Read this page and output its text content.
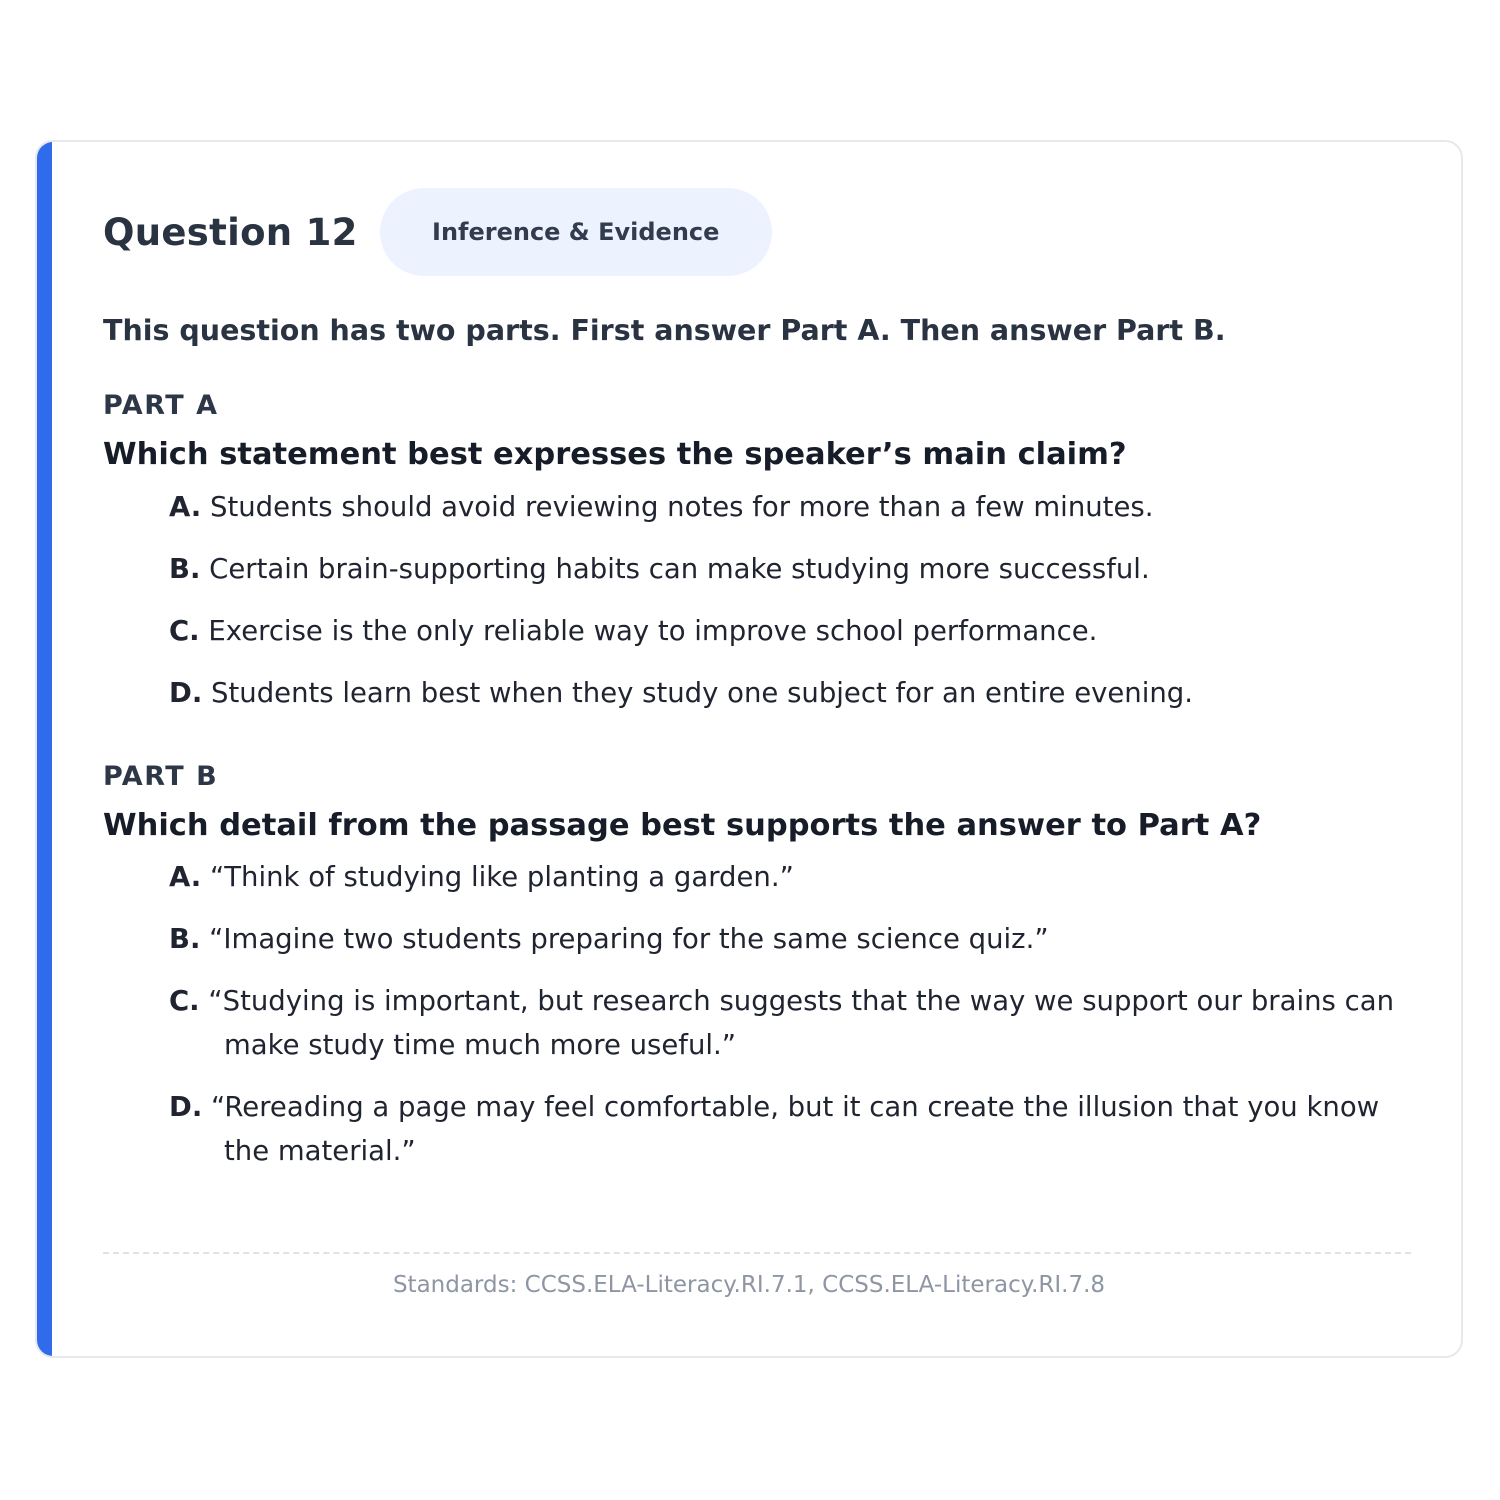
Question 12	Inference & Evidence
This question has two parts. First answer Part A. Then answer Part B.
PART A
Which statement best expresses the speaker’s main claim?
A. Students should avoid reviewing notes for more than a few minutes.
B. Certain brain-supporting habits can make studying more successful.
C. Exercise is the only reliable way to improve school performance.
D. Students learn best when they study one subject for an entire evening.
PART B
Which detail from the passage best supports the answer to Part A?
A. “Think of studying like planting a garden.”
B. “Imagine two students preparing for the same science quiz.”
C. “Studying is important, but research suggests that the way we support our brains can make study time much more useful.”
D. “Rereading a page may feel comfortable, but it can create the illusion that you know the material.”
Standards: CCSS.ELA-Literacy.RI.7.1, CCSS.ELA-Literacy.RI.7.8
